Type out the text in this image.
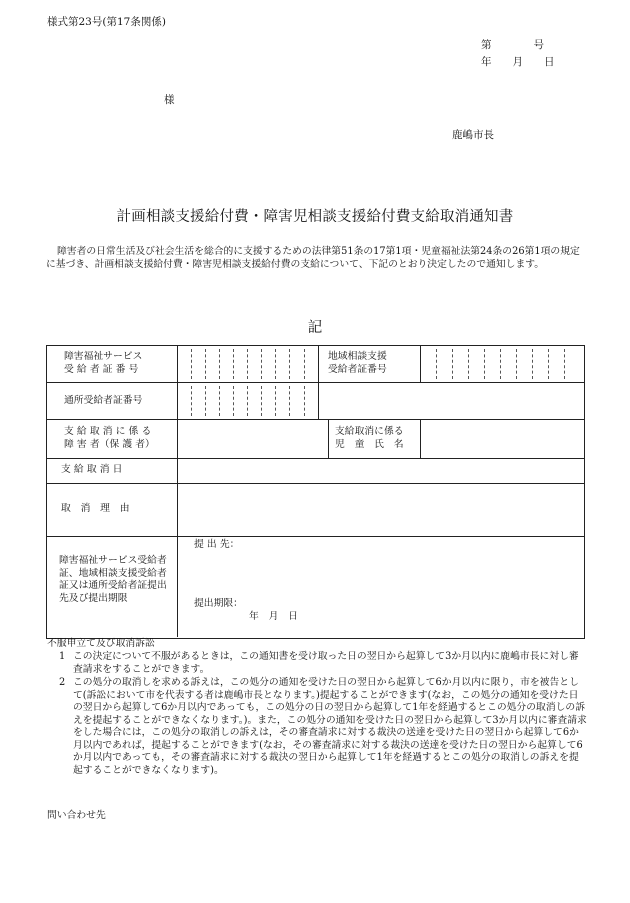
様式第23号(第17条関係)
第　　　　号
年　　月　　日
様
鹿嶋市長
計画相談支援給付費・障害児相談支援給付費支給取消通知書
障害者の日常生活及び社会生活を総合的に支援するための法律第51条の17第1項・児童福祉法第24条の26第1項の規定に基づき、計画相談支援給付費・障害児相談支援給付費の支給について、下記のとおり決定したので通知します。
記
障害福祉サービス
受 給 者 証 番 号
地域相談支援
受給者証番号
通所受給者証番号
支 給 取 消 に 係 る
障 害 者（保 護 者）
支給取消に係る
児　童　氏　名
支 給 取 消 日
取　消　理　由
障害福祉サービス受給者証、地域相談支援受給者証又は通所受給者証提出先及び提出期限
提 出 先：
提出期限：
年　月　日
不服申立て及び取消訴訟
1 この決定について不服があるときは，この通知書を受け取った日の翌日から起算して3か月以内に鹿嶋市長に対し審査請求をすることができます。
2 この処分の取消しを求める訴えは，この処分の通知を受けた日の翌日から起算して6か月以内に限り，市を被告として(訴訟において市を代表する者は鹿嶋市長となります。)提起することができます(なお，この処分の通知を受けた日の翌日から起算して6か月以内であっても，この処分の日の翌日から起算して1年を経過するとこの処分の取消しの訴えを提起することができなくなります。)。また，この処分の通知を受けた日の翌日から起算して3か月以内に審査請求をした場合には，この処分の取消しの訴えは，その審査請求に対する裁決の送達を受けた日の翌日から起算して6か月以内であれば，提起することができます(なお，その審査請求に対する裁決の送達を受けた日の翌日から起算して6か月以内であっても，その審査請求に対する裁決の翌日から起算して1年を経過するとこの処分の取消しの訴えを提起することができなくなります)。
問い合わせ先
